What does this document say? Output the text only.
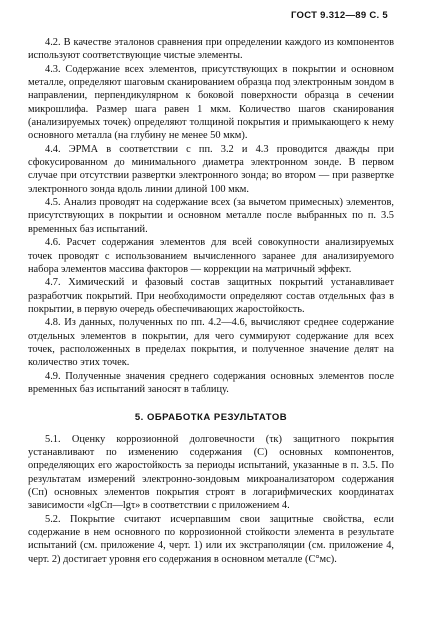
ГОСТ 9.312—89 С. 5

4.2. В качестве эталонов сравнения при определении каждого из компонентов используют соответствующие чистые элементы.

4.3. Содержание всех элементов, присутствующих в покрытии и основном металле, определяют шаговым сканированием образца под электронным зондом в направлении, перпендикулярном к боковой поверхности образца в сечении микрошлифа. Размер шага равен 1 мкм. Количество шагов сканирования (анализируемых точек) определяют толщиной покрытия и примыкающего к нему основного металла (на глубину не менее 50 мкм).

4.4. ЭРМА в соответствии с пп. 3.2 и 4.3 проводится дважды при сфокусированном до минимального диаметра электронном зонде. В первом случае при отсутствии развертки электронного зонда; во втором — при развертке электронного зонда вдоль линии длиной 100 мкм.

4.5. Анализ проводят на содержание всех (за вычетом примесных) элементов, присутствующих в покрытии и основном металле после выбранных по п. 3.5 временных баз испытаний.

4.6. Расчет содержания элементов для всей совокупности анализируемых точек проводят с использованием вычисленного заранее для анализируемого набора элементов массива факторов — коррекции на матричный эффект.

4.7. Химический и фазовый состав защитных покрытий устанавливает разработчик покрытий. При необходимости определяют состав отдельных фаз в покрытии, в первую очередь обеспечивающих жаростойкость.

4.8. Из данных, полученных по пп. 4.2—4.6, вычисляют среднее содержание отдельных элементов в покрытии, для чего суммируют содержание для всех точек, расположенных в пределах покрытия, и полученное значение делят на количество этих точек.

4.9. Полученные значения среднего содержания основных элементов после временных баз испытаний заносят в таблицу.

5. ОБРАБОТКА РЕЗУЛЬТАТОВ

5.1. Оценку коррозионной долговечности (τк) защитного покрытия устанавливают по изменению содержания (С) основных компонентов, определяющих его жаростойкость за периоды испытаний, указанные в п. 3.5. По результатам измерений электронно-зондовым микроанализатором содержания (Сп) основных элементов покрытия строят в логарифмических координатах зависимости «lgCп—lgτ» в соответствии с приложением 4.

5.2. Покрытие считают исчерпавшим свои защитные свойства, если содержание в нем основного по коррозионной стойкости элемента в результате испытаний (см. приложение 4, черт. 1) или их экстраполяции (см. приложение 4, черт. 2) достигает уровня его содержания в основном металле (С°мс).
